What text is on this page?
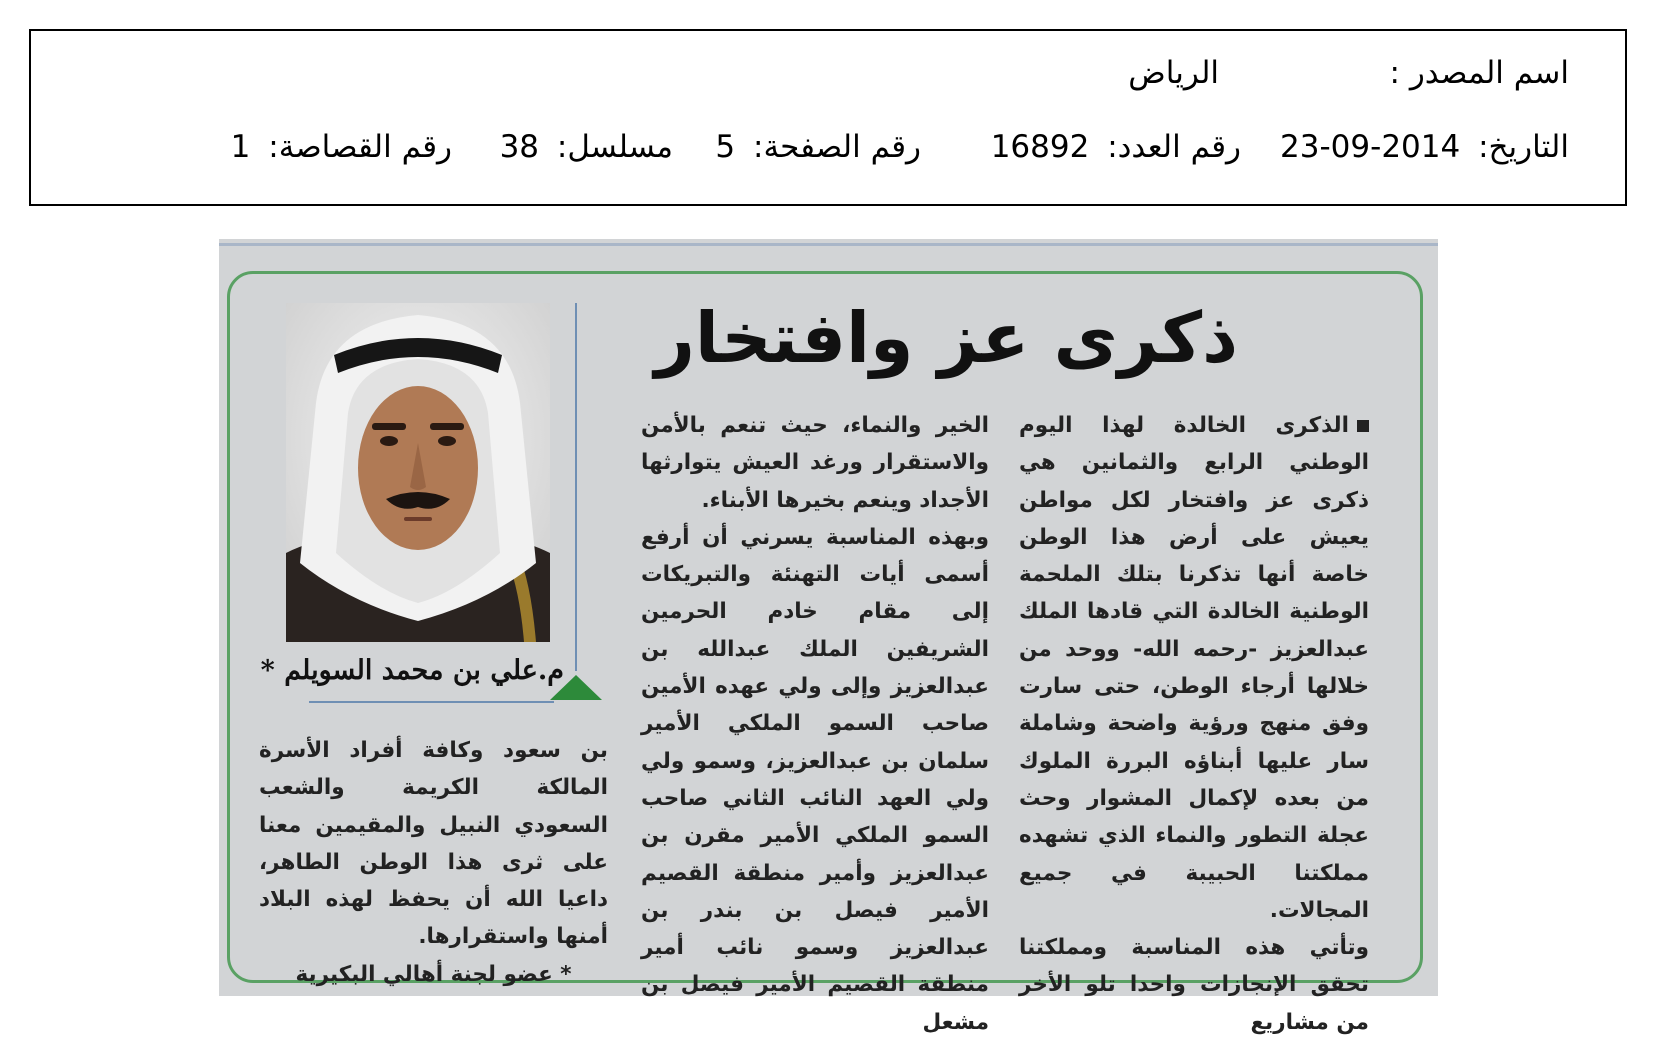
اسم المصدر :
الرياض
التاريخ: 2014-09-23
رقم العدد: 16892
رقم الصفحة: 5
مسلسل: 38
رقم القصاصة: 1
ذكرى عز وافتخار

الذكرى الخالدة لهذا اليوم الوطني الرابع والثمانين هي ذكرى عز وافتخار لكل مواطن يعيش على أرض هذا الوطن خاصة أنها تذكرنا بتلك الملحمة الوطنية الخالدة التي قادها الملك عبدالعزيز -رحمه الله- ووحد من خلالها أرجاء الوطن، حتى سارت وفق منهج ورؤية واضحة وشاملة سار عليها أبناؤه البررة الملوك من بعده لإكمال المشوار وحث عجلة التطور والنماء الذي تشهده مملكتنا الحبيبة في جميع المجالات.

وتأتي هذه المناسبة ومملكتنا تحقق الإنجازات واحدا تلو الأخر من مشاريع

الخير والنماء، حيث تنعم بالأمن والاستقرار ورغد العيش يتوارثها الأجداد وينعم بخيرها الأبناء.

وبهذه المناسبة يسرني أن أرفع أسمى أيات التهنئة والتبريكات إلى مقام خادم الحرمين الشريفين الملك عبدالله بن عبدالعزيز وإلى ولي عهده الأمين صاحب السمو الملكي الأمير سلمان بن عبدالعزيز، وسمو ولي ولي العهد النائب الثاني صاحب السمو الملكي الأمير مقرن بن عبدالعزيز وأمير منطقة القصيم الأمير فيصل بن بندر بن عبدالعزيز وسمو نائب أمير منطقة القصيم الأمير فيصل بن مشعل

م.علي بن محمد السويلم *

بن سعود وكافة أفراد الأسرة المالكة الكريمة والشعب السعودي النبيل والمقيمين معنا على ثرى هذا الوطن الطاهر، داعيا الله أن يحفظ لهذه البلاد أمنها واستقرارها.

* عضو لجنة أهالي البكيرية
